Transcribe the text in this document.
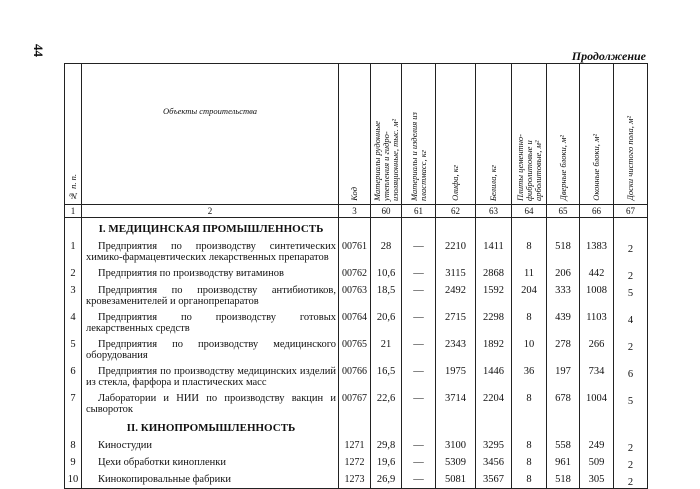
44	Продолжение
№ п. п.	Объекты строительства	Код	Материалы рудонные утепления и гидро-изоляционные, тыс. м²	Материалы и изделия из пластмасс, кг	Олифа, кг	Белила, кг	Плиты цементно-фибролитовые и арболитовые, м²	Дверные блоки, м²	Оконные блоки, м²	Доски чистого пола, м²
1	2	3	60	61	62	63	64	65	66	67
	I. МЕДИЦИНСКАЯ ПРОМЫШЛЕННОСТЬ									
1	Предприятия по производству синтетических химико-фармацевтических лекарственных препаратов	00761	28	—	2210	1411	8	518	1383	2
2	Предприятия по производству витаминов	00762	10,6	—	3115	2868	11	206	442	2
3	Предприятия по производству антибиотиков, кровезаменителей и органопрепаратов	00763	18,5	—	2492	1592	204	333	1008	5
4	Предприятия по производству готовых лекарственных средств	00764	20,6	—	2715	2298	8	439	1103	4
5	Предприятия по производству медицинского оборудования	00765	21	—	2343	1892	10	278	266	2
6	Предприятия по производству медицинских изделий из стекла, фарфора и пластических масс	00766	16,5	—	1975	1446	36	197	734	6
7	Лаборатории и НИИ по производству вакцин и сывороток	00767	22,6	—	3714	2204	8	678	1004	5
	II. КИНОПРОМЫШЛЕННОСТЬ									
8	Киностудии	1271	29,8	—	3100	3295	8	558	249	2
9	Цехи обработки кинопленки	1272	19,6	—	5309	3456	8	961	509	2
10	Кинокопировальные фабрики	1273	26,9	—	5081	3567	8	518	305	2
